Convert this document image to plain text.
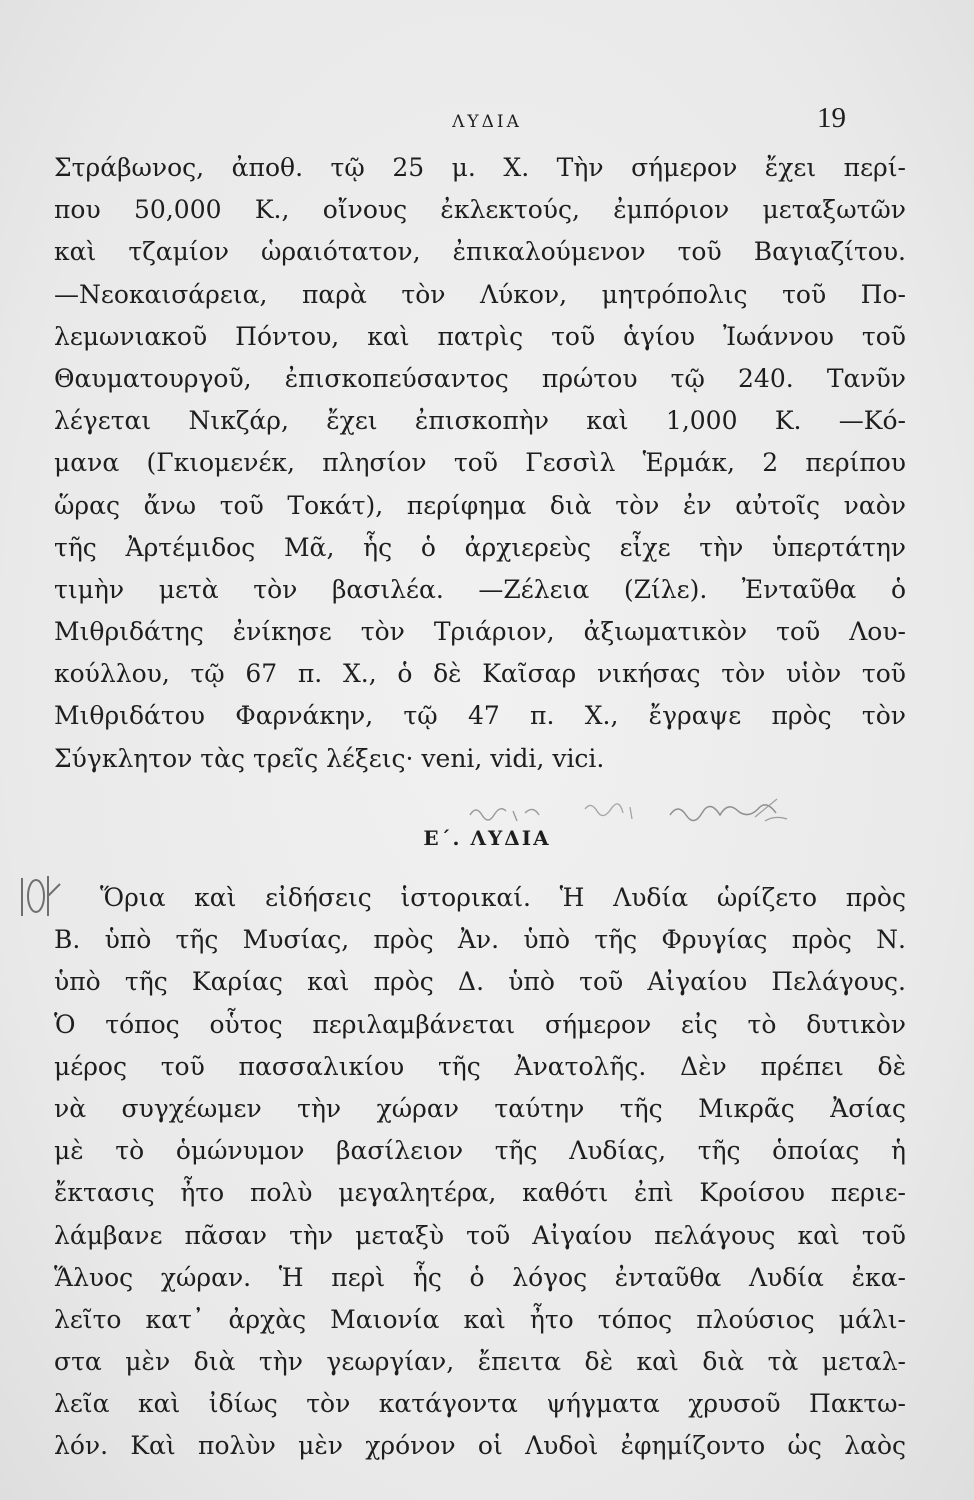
ΛΥΔΙΑ	19
Στράβωνος, ἀποθ. τῷ 25 μ. Χ. Τὴν σήμερον ἔχει περί-
που 50,000 Κ., οἴνους ἐκλεκτούς, ἐμπόριον μεταξωτῶν
καὶ τζαμίον ὡραιότατον, ἐπικαλούμενον τοῦ Βαγιαζίτου.
—Νεοκαισάρεια, παρὰ τὸν Λύκον, μητρόπολις τοῦ Πο-
λεμωνιακοῦ Πόντου, καὶ πατρὶς τοῦ ἁγίου Ἰωάννου τοῦ
Θαυματουργοῦ, ἐπισκοπεύσαντος πρώτου τῷ 240. Τανῦν
λέγεται Νικζάρ, ἔχει ἐπισκοπὴν καὶ 1,000 Κ. —Κό-
μανα (Γκιομενέκ, πλησίον τοῦ Γεσσὶλ Ἑρμάκ, 2 περίπου
ὥρας ἄνω τοῦ Τοκάτ), περίφημα διὰ τὸν ἐν αὐτοῖς ναὸν
τῆς Ἀρτέμιδος Μᾶ, ἧς ὁ ἀρχιερεὺς εἶχε τὴν ὑπερτάτην
τιμὴν μετὰ τὸν βασιλέα. —Ζέλεια (Ζίλε). Ἐνταῦθα ὁ
Μιθριδάτης ἐνίκησε τὸν Τριάριον, ἀξιωματικὸν τοῦ Λου-
κούλλου, τῷ 67 π. Χ., ὁ δὲ Καῖσαρ νικήσας τὸν υἱὸν τοῦ
Μιθριδάτου Φαρνάκην, τῷ 47 π. Χ., ἔγραψε πρὸς τὸν
Σύγκλητον τὰς τρεῖς λέξεις· veni, vidi, vici.
Ε΄. ΛΥΔΙΑ
Ὅρια καὶ εἰδήσεις ἱστορικαί. Ἡ Λυδία ὡρίζετο πρὸς
Β. ὑπὸ τῆς Μυσίας, πρὸς Ἀν. ὑπὸ τῆς Φρυγίας πρὸς Ν.
ὑπὸ τῆς Καρίας καὶ πρὸς Δ. ὑπὸ τοῦ Αἰγαίου Πελάγους.
Ὁ τόπος οὗτος περιλαμβάνεται σήμερον εἰς τὸ δυτικὸν
μέρος τοῦ πασσαλικίου τῆς Ἀνατολῆς. Δὲν πρέπει δὲ
νὰ συγχέωμεν τὴν χώραν ταύτην τῆς Μικρᾶς Ἀσίας
μὲ τὸ ὁμώνυμον βασίλειον τῆς Λυδίας, τῆς ὁποίας ἡ
ἔκτασις ἦτο πολὺ μεγαλητέρα, καθότι ἐπὶ Κροίσου περιε-
λάμβανε πᾶσαν τὴν μεταξὺ τοῦ Αἰγαίου πελάγους καὶ τοῦ
Ἅλυος χώραν. Ἡ περὶ ἧς ὁ λόγος ἐνταῦθα Λυδία ἐκα-
λεῖτο κατ᾿ ἀρχὰς Μαιονία καὶ ἦτο τόπος πλούσιος μάλι-
στα μὲν διὰ τὴν γεωργίαν, ἔπειτα δὲ καὶ διὰ τὰ μεταλ-
λεῖα καὶ ἰδίως τὸν κατάγοντα ψήγματα χρυσοῦ Πακτω-
λόν. Καὶ πολὺν μὲν χρόνον οἱ Λυδοὶ ἐφημίζοντο ὡς λαὸς
